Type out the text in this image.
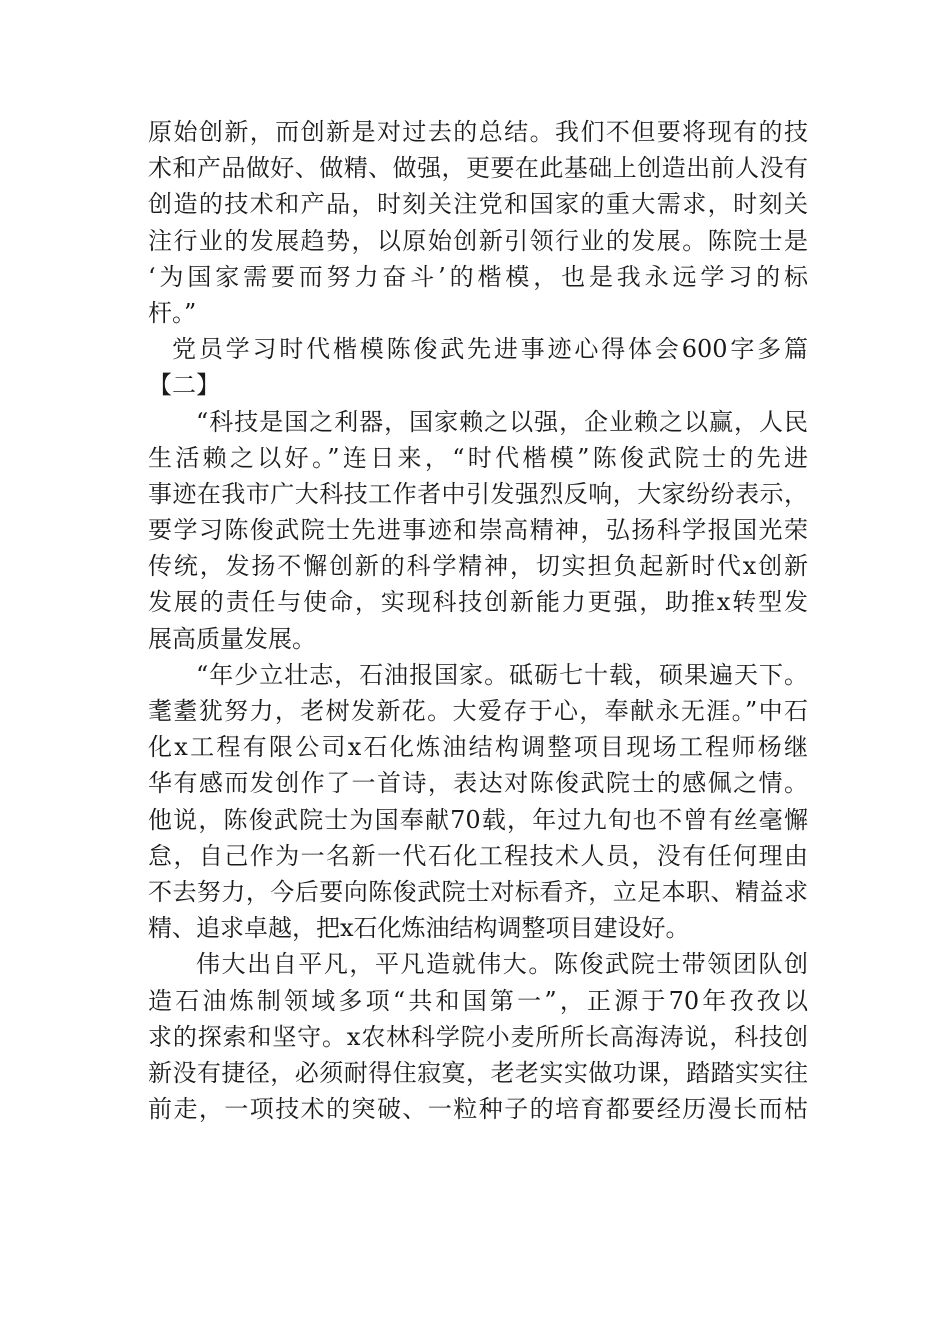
原始创新，而创新是对过去的总结。我们不但要将现有的技
术和产品做好、做精、做强，更要在此基础上创造出前人没有
创造的技术和产品，时刻关注党和国家的重大需求，时刻关
注行业的发展趋势，以原始创新引领行业的发展。陈院士是
‘为国家需要而努力奋斗’的楷模，也是我永远学习的标
杆。”
党员学习时代楷模陈俊武先进事迹心得体会600字多篇
【二】
“科技是国之利器，国家赖之以强，企业赖之以赢，人民
生活赖之以好。”连日来，“时代楷模”陈俊武院士的先进
事迹在我市广大科技工作者中引发强烈反响，大家纷纷表示，
要学习陈俊武院士先进事迹和崇高精神，弘扬科学报国光荣
传统，发扬不懈创新的科学精神，切实担负起新时代x创新
发展的责任与使命，实现科技创新能力更强，助推x转型发
展高质量发展。
“年少立壮志，石油报国家。砥砺七十载，硕果遍天下。
耄耋犹努力，老树发新花。大爱存于心，奉献永无涯。”中石
化x工程有限公司x石化炼油结构调整项目现场工程师杨继
华有感而发创作了一首诗，表达对陈俊武院士的感佩之情。
他说，陈俊武院士为国奉献70载，年过九旬也不曾有丝毫懈
怠，自己作为一名新一代石化工程技术人员，没有任何理由
不去努力，今后要向陈俊武院士对标看齐，立足本职、精益求
精、追求卓越，把x石化炼油结构调整项目建设好。
伟大出自平凡，平凡造就伟大。陈俊武院士带领团队创
造石油炼制领域多项“共和国第一”，正源于70年孜孜以
求的探索和坚守。x农林科学院小麦所所长高海涛说，科技创
新没有捷径，必须耐得住寂寞，老老实实做功课，踏踏实实往
前走，一项技术的突破、一粒种子的培育都要经历漫长而枯
